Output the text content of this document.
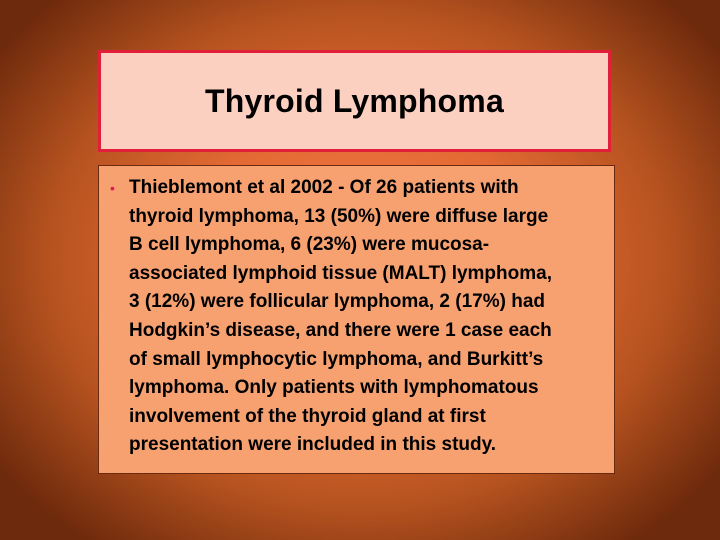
Thyroid Lymphoma
• Thieblemont et al 2002 - Of 26 patients with
thyroid lymphoma, 13 (50%) were diffuse large
B cell lymphoma, 6 (23%) were mucosa-
associated lymphoid tissue (MALT) lymphoma,
3 (12%) were follicular lymphoma, 2 (17%) had
Hodgkin’s disease, and there were 1 case each
of small lymphocytic lymphoma, and Burkitt’s
lymphoma. Only patients with lymphomatous
involvement of the thyroid gland at first
presentation were included in this study.
